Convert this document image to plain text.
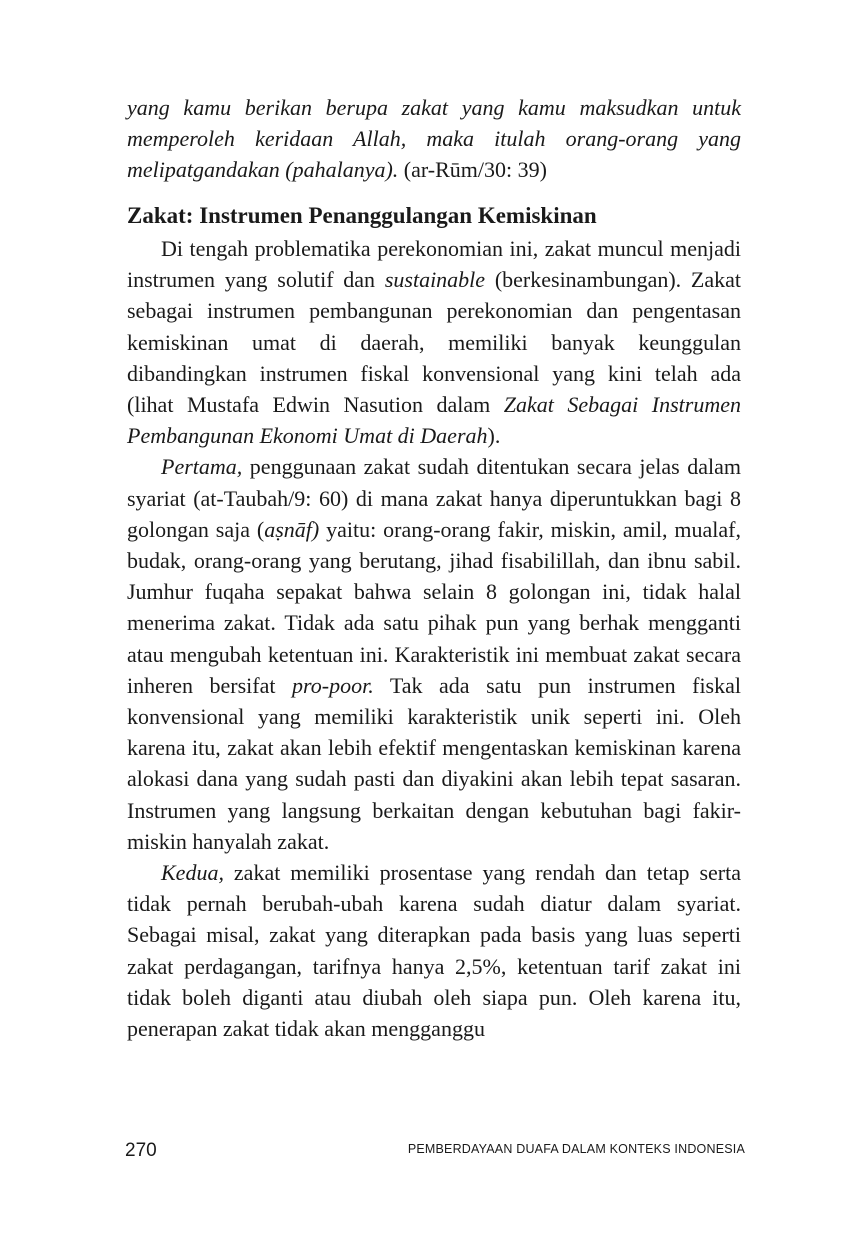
yang kamu berikan berupa zakat yang kamu maksudkan untuk memperoleh keridaan Allah, maka itulah orang-orang yang melipatgandakan (pahalanya). (ar-Rūm/30: 39)

Zakat: Instrumen Penanggulangan Kemiskinan

Di tengah problematika perekonomian ini, zakat muncul menjadi instrumen yang solutif dan sustainable (berkesinambungan). Zakat sebagai instrumen pembangunan perekonomian dan pengentasan kemiskinan umat di daerah, memiliki banyak keunggulan dibandingkan instrumen fiskal konvensional yang kini telah ada (lihat Mustafa Edwin Nasution dalam Zakat Sebagai Instrumen Pembangunan Ekonomi Umat di Daerah).

Pertama, penggunaan zakat sudah ditentukan secara jelas dalam syariat (at-Taubah/9: 60) di mana zakat hanya diperuntukkan bagi 8 golongan saja (aṣnāf) yaitu: orang-orang fakir, miskin, amil, mualaf, budak, orang-orang yang berutang, jihad fisabilillah, dan ibnu sabil. Jumhur fuqaha sepakat bahwa selain 8 golongan ini, tidak halal menerima zakat. Tidak ada satu pihak pun yang berhak mengganti atau mengubah ketentuan ini. Karakteristik ini membuat zakat secara inheren bersifat pro-poor. Tak ada satu pun instrumen fiskal konvensional yang memiliki karakteristik unik seperti ini. Oleh karena itu, zakat akan lebih efektif mengentaskan kemiskinan karena alokasi dana yang sudah pasti dan diyakini akan lebih tepat sasaran. Instrumen yang langsung berkaitan dengan kebutuhan bagi fakir-miskin hanyalah zakat.

Kedua, zakat memiliki prosentase yang rendah dan tetap serta tidak pernah berubah-ubah karena sudah diatur dalam syariat. Sebagai misal, zakat yang diterapkan pada basis yang luas seperti zakat perdagangan, tarifnya hanya 2,5%, ketentuan tarif zakat ini tidak boleh diganti atau diubah oleh siapa pun. Oleh karena itu, penerapan zakat tidak akan mengganggu

270	PEMBERDAYAAN DUAFA DALAM KONTEKS INDONESIA
